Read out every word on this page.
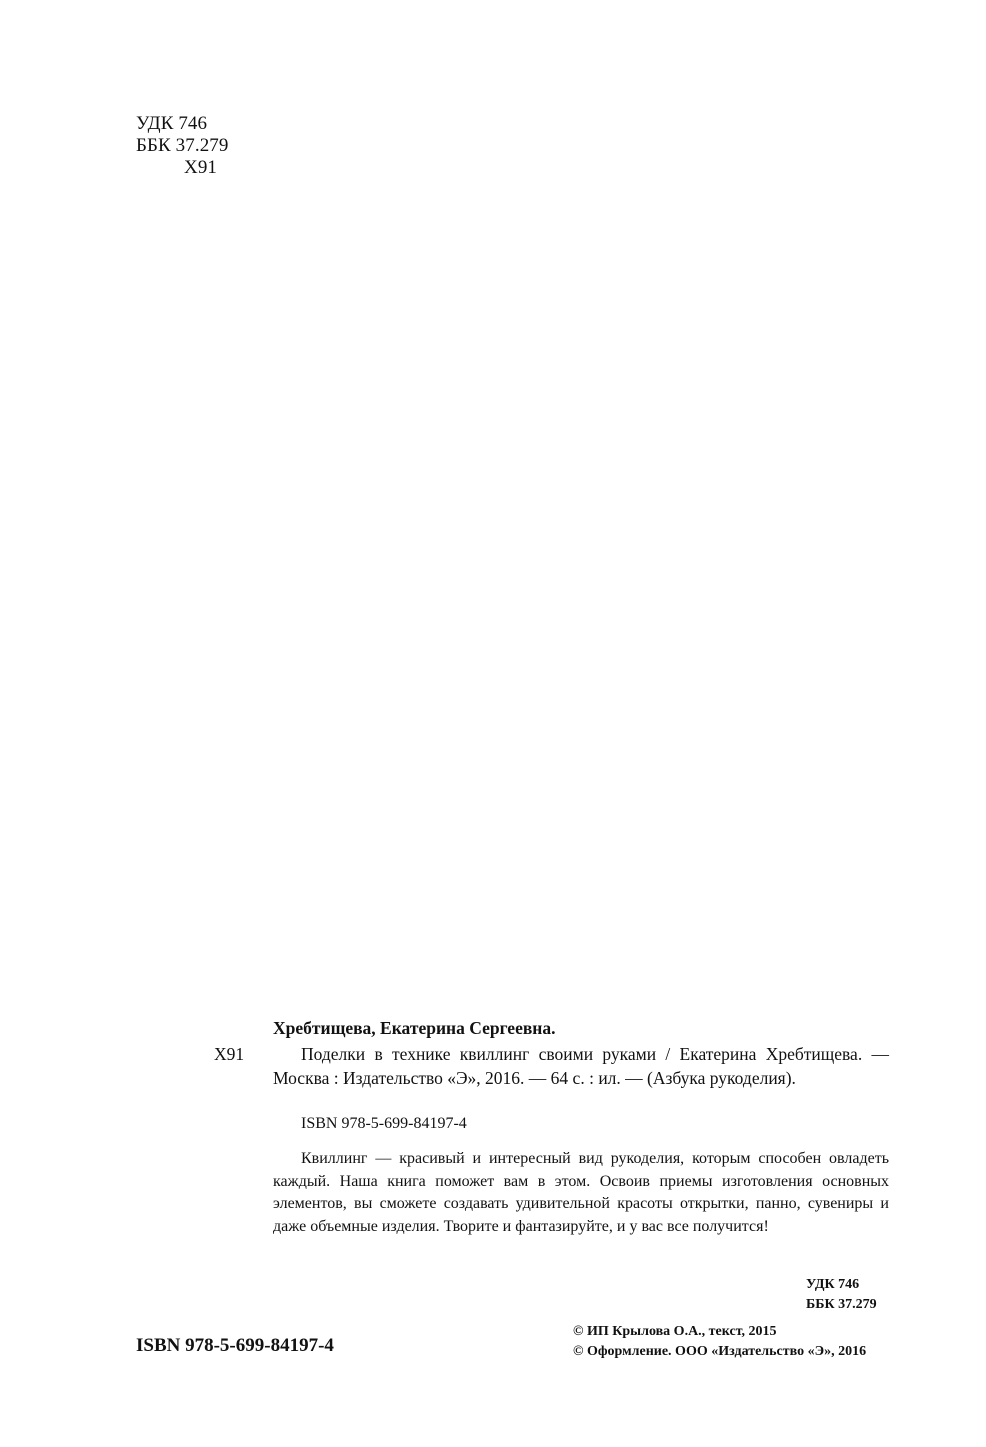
УДК 746
ББК 37.279
Х91
Хребтищева, Екатерина Сергеевна.
Х91	Поделки в технике квиллинг своими руками / Екатерина Хребтищева. — Москва : Издательство «Э», 2016. — 64 с. : ил. — (Азбука рукоделия).

ISBN 978-5-699-84197-4

Квиллинг — красивый и интересный вид рукоделия, которым способен овладеть каждый. Наша книга поможет вам в этом. Освоив приемы изготовления основных элементов, вы сможете создавать удивительной красоты открытки, панно, сувениры и даже объемные изделия. Творите и фантазируйте, и у вас все получится!

УДК 746
ББК 37.279
ISBN 978-5-699-84197-4
© ИП Крылова О.А., текст, 2015
© Оформление. ООО «Издательство «Э», 2016
